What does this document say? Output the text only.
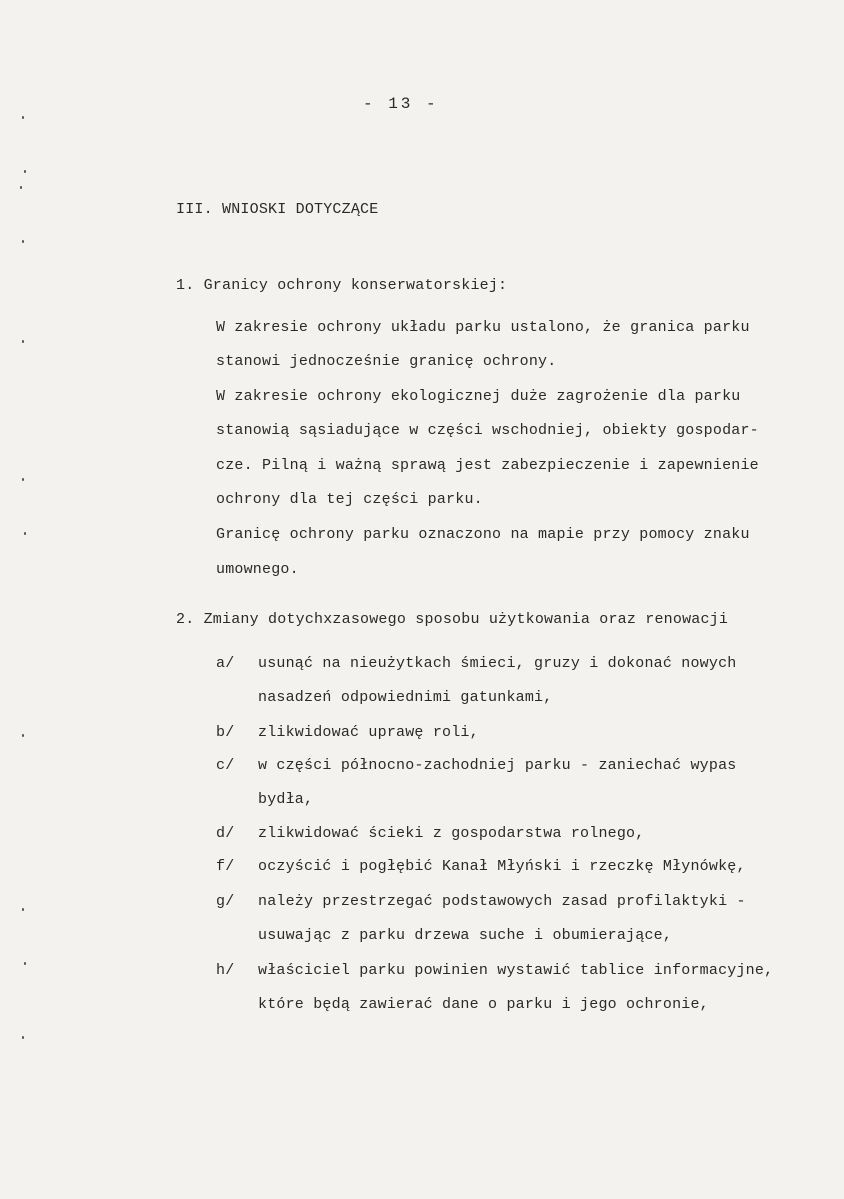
- 13 -
III. WNIOSKI DOTYCZĄCE
1. Granicy ochrony konserwatorskiej:
W zakresie ochrony układu parku ustalono, że granica parku
stanowi jednocześnie granicę ochrony.
W zakresie ochrony ekologicznej duże zagrożenie dla parku
stanowią sąsiadujące w części wschodniej, obiekty gospodar-
cze. Pilną i ważną sprawą jest zabezpieczenie i zapewnienie
ochrony dla tej części parku.
Granicę ochrony parku oznaczono na mapie przy pomocy znaku
umownego.
2. Zmiany dotychxzasowego sposobu użytkowania oraz renowacji
a/ usunąć na nieużytkach śmieci, gruzy i dokonać nowych
nasadzeń odpowiednimi gatunkami,
b/ zlikwidować uprawę roli,
c/ w części północno-zachodniej parku - zaniechać wypas
bydła,
d/ zlikwidować ścieki z gospodarstwa rolnego,
f/ oczyścić i pogłębić Kanał Młyński i rzeczkę Młynówkę,
g/ należy przestrzegać podstawowych zasad profilaktyki -
usuwając z parku drzewa suche i obumierające,
h/ właściciel parku powinien wystawić tablice informacyjne,
które będą zawierać dane o parku i jego ochronie,
